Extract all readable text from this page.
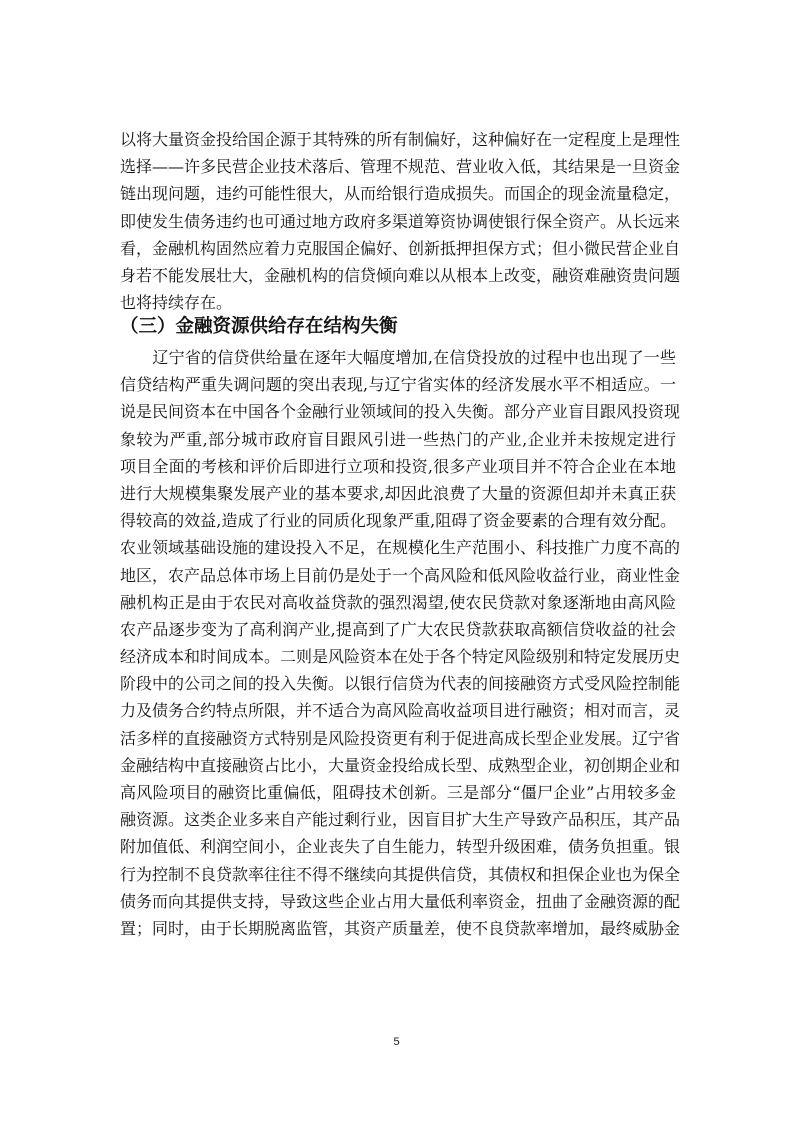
以将大量资金投给国企源于其特殊的所有制偏好，这种偏好在一定程度上是理性
选择——许多民营企业技术落后、管理不规范、营业收入低，其结果是一旦资金
链出现问题，违约可能性很大，从而给银行造成损失。而国企的现金流量稳定，
即使发生债务违约也可通过地方政府多渠道筹资协调使银行保全资产。从长远来
看，金融机构固然应着力克服国企偏好、创新抵押担保方式；但小微民营企业自
身若不能发展壮大，金融机构的信贷倾向难以从根本上改变，融资难融资贵问题
也将持续存在。

（三）金融资源供给存在结构失衡

　　辽宁省的信贷供给量在逐年大幅度增加,在信贷投放的过程中也出现了一些
信贷结构严重失调问题的突出表现,与辽宁省实体的经济发展水平不相适应。一
说是民间资本在中国各个金融行业领域间的投入失衡。部分产业盲目跟风投资现
象较为严重,部分城市政府盲目跟风引进一些热门的产业,企业并未按规定进行
项目全面的考核和评价后即进行立项和投资,很多产业项目并不符合企业在本地
进行大规模集聚发展产业的基本要求,却因此浪费了大量的资源但却并未真正获
得较高的效益,造成了行业的同质化现象严重,阻碍了资金要素的合理有效分配。
农业领域基础设施的建设投入不足，在规模化生产范围小、科技推广力度不高的
地区，农产品总体市场上目前仍是处于一个高风险和低风险收益行业，商业性金
融机构正是由于农民对高收益贷款的强烈渴望,使农民贷款对象逐渐地由高风险
农产品逐步变为了高利润产业,提高到了广大农民贷款获取高额信贷收益的社会
经济成本和时间成本。二则是风险资本在处于各个特定风险级别和特定发展历史
阶段中的公司之间的投入失衡。以银行信贷为代表的间接融资方式受风险控制能
力及债务合约特点所限，并不适合为高风险高收益项目进行融资；相对而言，灵
活多样的直接融资方式特别是风险投资更有利于促进高成长型企业发展。辽宁省
金融结构中直接融资占比小，大量资金投给成长型、成熟型企业，初创期企业和
高风险项目的融资比重偏低，阻碍技术创新。三是部分“僵尸企业”占用较多金
融资源。这类企业多来自产能过剩行业，因盲目扩大生产导致产品积压，其产品
附加值低、利润空间小，企业丧失了自生能力，转型升级困难，债务负担重。银
行为控制不良贷款率往往不得不继续向其提供信贷，其债权和担保企业也为保全
债务而向其提供支持，导致这些企业占用大量低利率资金，扭曲了金融资源的配
置；同时，由于长期脱离监管，其资产质量差，使不良贷款率增加，最终威胁金

5
